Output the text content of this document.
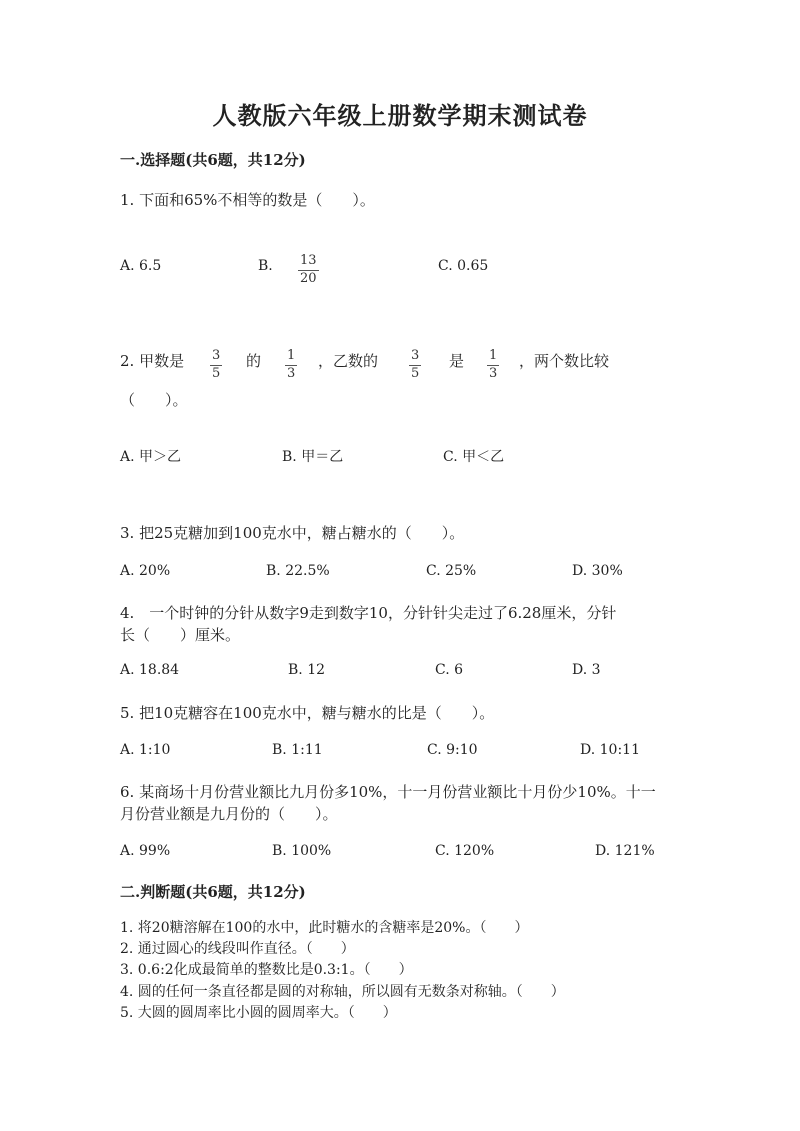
人教版六年级上册数学期末测试卷
一.选择题(共6题，共12分)
1. 下面和65%不相等的数是（　　）。
A. 6.5	B. $\frac{13}{20}$	C. 0.65
2. 甲数是 $\frac{3}{5}$ 的 $\frac{1}{3}$ ，乙数的 $\frac{3}{5}$ 是 $\frac{1}{3}$ ，两个数比较
（　　）。
A. 甲＞乙	B. 甲＝乙	C. 甲＜乙
3. 把25克糖加到100克水中，糖占糖水的（　　）。
A. 20%	B. 22.5%	C. 25%	D. 30%
4.　一个时钟的分针从数字9走到数字10，分针针尖走过了6.28厘米，分针
长（　　）厘米。
A. 18.84	B. 12	C. 6	D. 3
5. 把10克糖容在100克水中，糖与糖水的比是（　　）。
A. 1:10	B. 1:11	C. 9:10	D. 10:11
6. 某商场十月份营业额比九月份多10%，十一月份营业额比十月份少10%。十一
月份营业额是九月份的（　　）。
A. 99%	B. 100%	C. 120%	D. 121%
二.判断题(共6题，共12分)
1. 将20糖溶解在100的水中，此时糖水的含糖率是20%。（　　）
2. 通过圆心的线段叫作直径。（　　）
3. 0.6:2化成最简单的整数比是0.3:1。（　　）
4. 圆的任何一条直径都是圆的对称轴，所以圆有无数条对称轴。（　　）
5. 大圆的圆周率比小圆的圆周率大。（　　）
